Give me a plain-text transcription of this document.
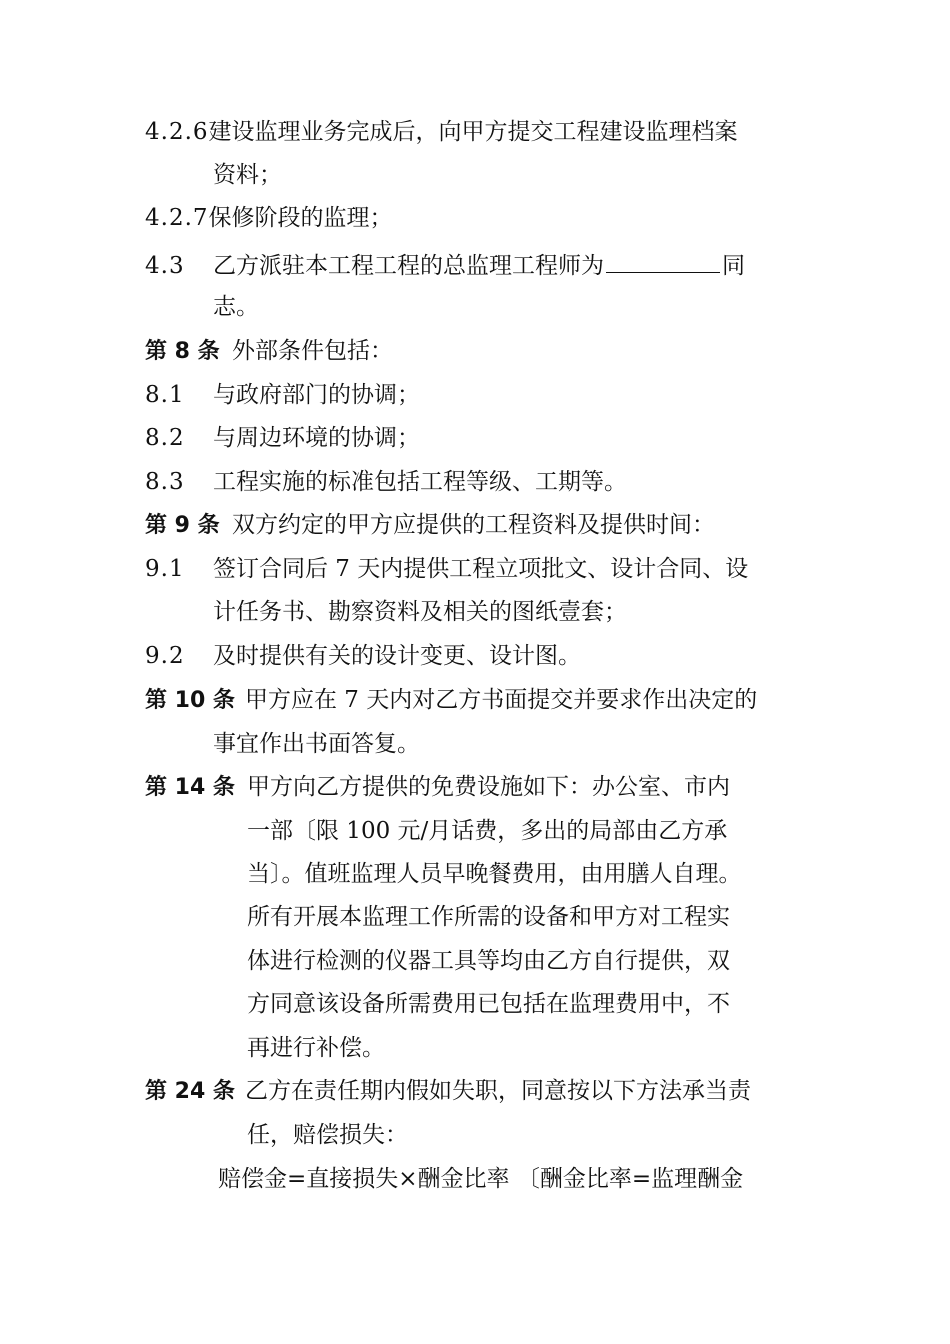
4.2.6建设监理业务完成后，向甲方提交工程建设监理档案
资料；
4.2.7保修阶段的监理；
4.3 乙方派驻本工程工程的总监理工程师为	同
志。
第 8 条 外部条件包括：
8.1 与政府部门的协调；
8.2 与周边环境的协调；
8.3 工程实施的标准包括工程等级、工期等。
第 9 条 双方约定的甲方应提供的工程资料及提供时间：
9.1 签订合同后 7 天内提供工程立项批文、设计合同、设
计任务书、勘察资料及相关的图纸壹套；
9.2 及时提供有关的设计变更、设计图。
第 10 条 甲方应在 7 天内对乙方书面提交并要求作出决定的
事宜作出书面答复。
第 14 条 甲方向乙方提供的免费设施如下：办公室、市内
一部〔限 100 元/月话费，多出的局部由乙方承
当〕。值班监理人员早晚餐费用，由用膳人自理。
所有开展本监理工作所需的设备和甲方对工程实
体进行检测的仪器工具等均由乙方自行提供，双
方同意该设备所需费用已包括在监理费用中，不
再进行补偿。
第 24 条 乙方在责任期内假如失职，同意按以下方法承当责
任，赔偿损失：
赔偿金=直接损失×酬金比率 〔酬金比率=监理酬金
